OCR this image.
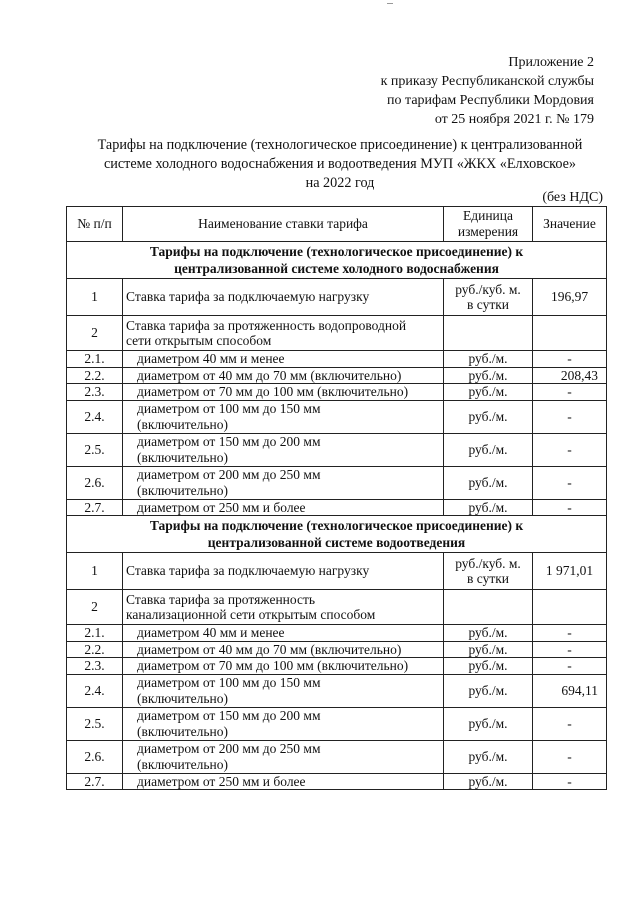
Приложение 2
к приказу Республиканской службы
по тарифам Республики Мордовия
от 25 ноября 2021 г. № 179
Тарифы на подключение (технологическое присоединение) к централизованной
системе холодного водоснабжения и водоотведения МУП «ЖКХ «Елховское»
на 2022 год
(без НДС)
№ п/п	Наименование ставки тарифа	Единица
измерения	Значение

Тарифы на подключение (технологическое присоединение) к
централизованной системе холодного водоснабжения			

1	Ставка тарифа за подключаемую нагрузку	руб./куб. м.
в сутки	196,97
2	Ставка тарифа за протяженность водопроводной
сети открытым способом		

2.1.	диаметром 40 мм и менее	руб./м.	-
2.2.	диаметром от 40 мм до 70 мм (включительно)	руб./м.	208,43
2.3.	диаметром от 70 мм до 100 мм (включительно)	руб./м.	-
2.4.	диаметром от 100 мм до 150 мм
(включительно)	руб./м.	-
2.5.	диаметром от 150 мм до 200 мм
(включительно)	руб./м.	-
2.6.	диаметром от 200 мм до 250 мм
(включительно)	руб./м.	-
2.7.	диаметром от 250 мм и более	руб./м.	-

Тарифы на подключение (технологическое присоединение) к
централизованной системе водоотведения			

1	Ставка тарифа за подключаемую нагрузку	руб./куб. м.
в сутки	1 971,01
2	Ставка тарифа за протяженность
канализационной сети открытым способом		

2.1.	диаметром 40 мм и менее	руб./м.	-
2.2.	диаметром от 40 мм до 70 мм (включительно)	руб./м.	-
2.3.	диаметром от 70 мм до 100 мм (включительно)	руб./м.	-
2.4.	диаметром от 100 мм до 150 мм
(включительно)	руб./м.	694,11
2.5.	диаметром от 150 мм до 200 мм
(включительно)	руб./м.	-
2.6.	диаметром от 200 мм до 250 мм
(включительно)	руб./м.	-
2.7.	диаметром от 250 мм и более	руб./м.	-
